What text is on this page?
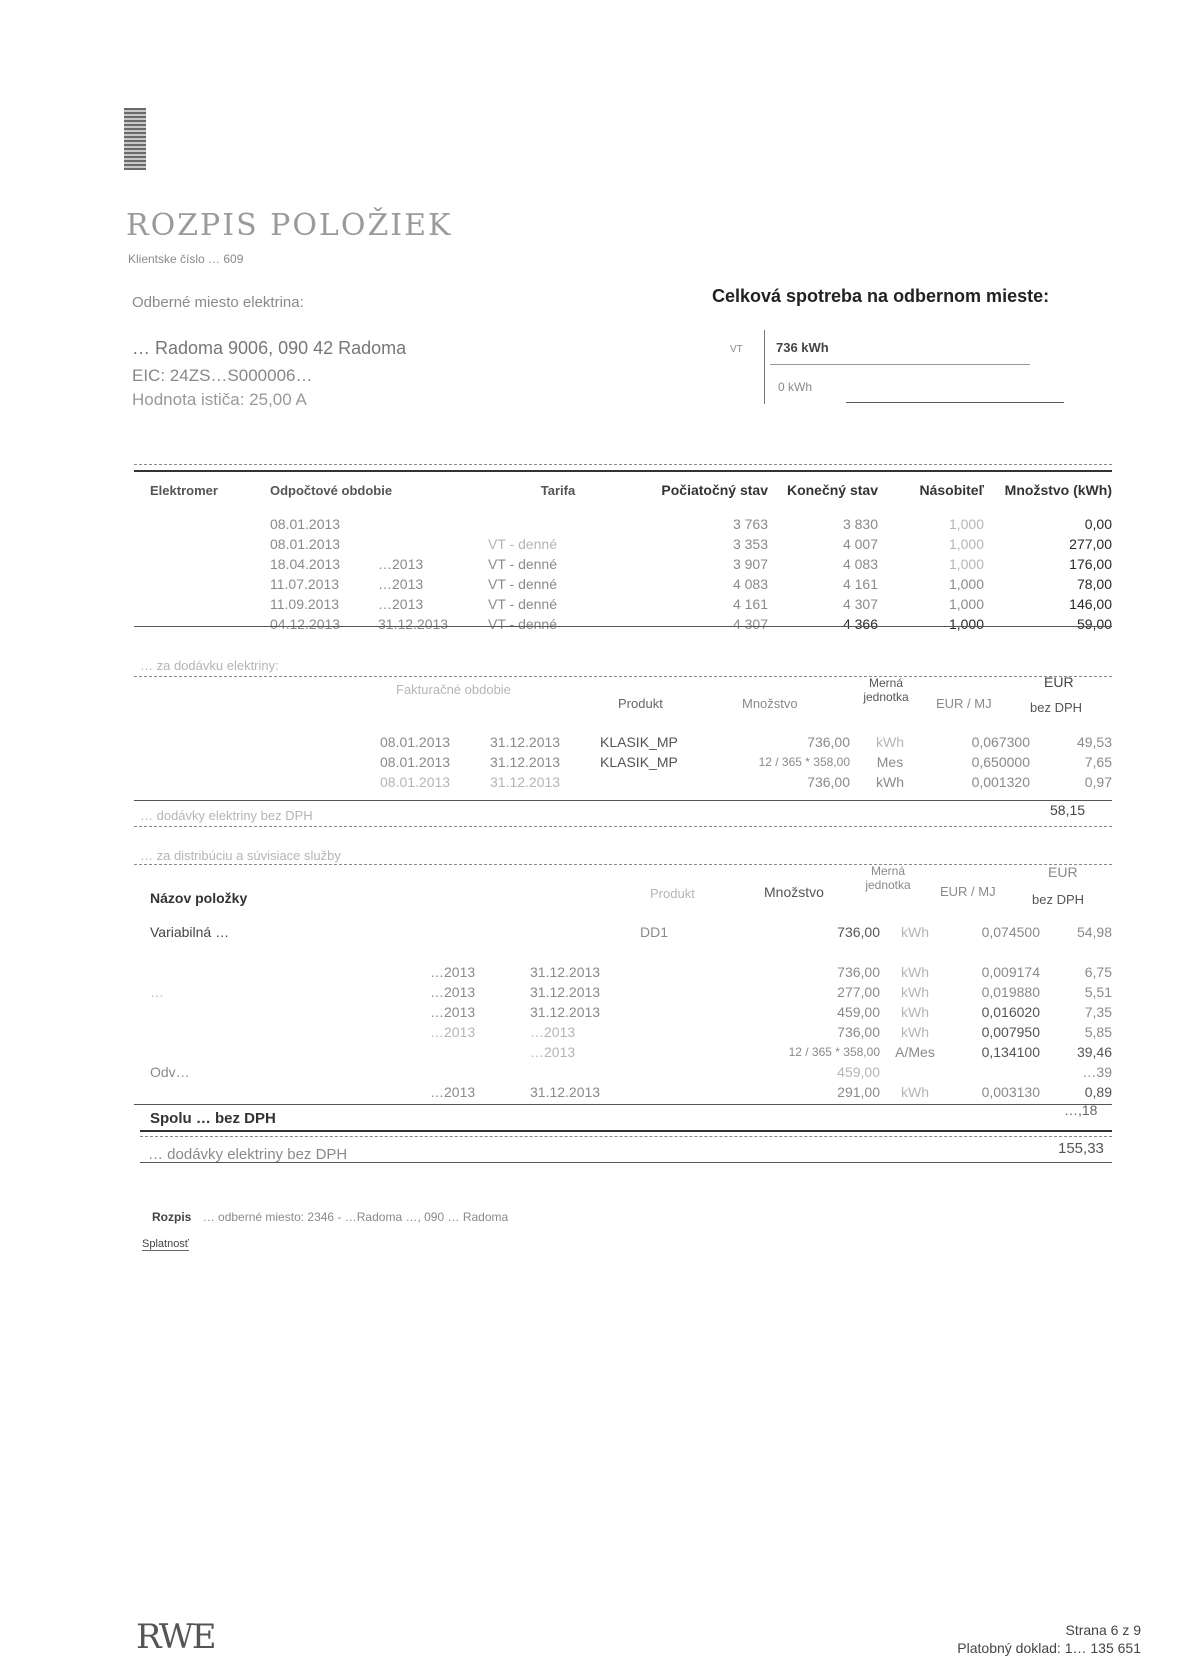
ROZPIS POLOŽIEK
Klientske číslo … 609
Odberné miesto elektrina:
… Radoma 9006, 090 42 Radoma
EIC: 24ZS…S000006…
Hodnota ističa: 25,00 A
Celková spotreba na odbernom mieste:
VT	736 kWh
0 kWh
Elektromer	Odpočtové obdobie		Tarifa	Počiatočný stav	Konečný stav	Násobiteľ	Množstvo (kWh)

	08.01.2013			3 763	3 830	1,000	0,00
	08.01.2013		VT - denné	3 353	4 007	1,000	277,00
	18.04.2013	…2013	VT - denné	3 907	4 083	1,000	176,00
	11.07.2013	…2013	VT - denné	4 083	4 161	1,000	78,00
	11.09.2013	…2013	VT - denné	4 161	4 307	1,000	146,00
	04.12.2013	31.12.2013	VT - denné	4 307	4 366	1,000	59,00
… za dodávku elektriny:
Fakturačné obdobie
Produkt	Množstvo
Merná jednotka	EUR / MJ
EUR
bez DPH
	08.01.2013	31.12.2013	KLASIK_MP	736,00	kWh	0,067300	49,53
	08.01.2013	31.12.2013	KLASIK_MP	12 / 365 * 358,00	Mes	0,650000	7,65
	08.01.2013	31.12.2013		736,00	kWh	0,001320	0,97
… dodávky elektriny bez DPH	58,15
… za distribúciu a súvisiace služby
Názov položky	Produkt	Množstvo
Merná jednotka	EUR / MJ
EUR
bez DPH
Variabilná …			DD1	736,00	kWh	0,074500	54,98

	…2013	31.12.2013		736,00	kWh	0,009174	6,75
…	…2013	31.12.2013		277,00	kWh	0,019880	5,51
	…2013	31.12.2013		459,00	kWh	0,016020	7,35
	…2013	…2013		736,00	kWh	0,007950	5,85
		…2013		12 / 365 * 358,00	A/Mes	0,134100	39,46
Odv…				459,00			…39
	…2013	31.12.2013		291,00	kWh	0,003130	0,89
Spolu … bez DPH	…,18
… dodávky elektriny bez DPH	155,33
Rozpis … odberné miesto: 2346 - …Radoma …, 090 … Radoma
Splatnosť
RWE	Strana 6 z 9
Platobný doklad: 1… 135 651
